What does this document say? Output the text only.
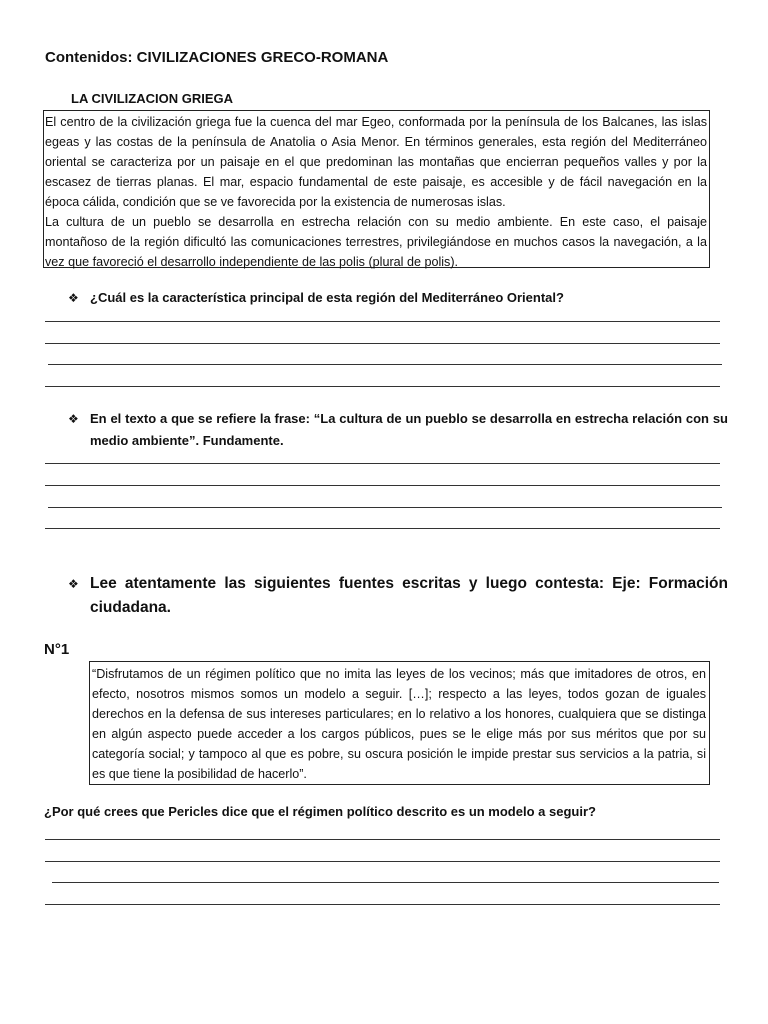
Contenidos: CIVILIZACIONES GRECO-ROMANA
LA CIVILIZACION GRIEGA

El centro de la civilización griega fue la cuenca del mar Egeo, conformada por la península de los Balcanes, las islas egeas y las costas de la península de Anatolia o Asia Menor. En términos generales, esta región del Mediterráneo oriental se caracteriza por un paisaje en el que predominan las montañas que encierran pequeños valles y por la escasez de tierras planas. El mar, espacio fundamental de este paisaje, es accesible y de fácil navegación en la época cálida, condición que se ve favorecida por la existencia de numerosas islas.

La cultura de un pueblo se desarrolla en estrecha relación con su medio ambiente. En este caso, el paisaje montañoso de la región dificultó las comunicaciones terrestres, privilegiándose en muchos casos la navegación, a la vez que favoreció el desarrollo independiente de las polis (plural de polis).

❖ ¿Cuál es la característica principal de esta región del Mediterráneo Oriental?
❖ En el texto a que se refiere la frase: “La cultura de un pueblo se desarrolla en estrecha relación con su medio ambiente”. Fundamente.
❖ Lee atentamente las siguientes fuentes escritas y luego contesta: Eje: Formación ciudadana.
N°1

“Disfrutamos de un régimen político que no imita las leyes de los vecinos; más que imitadores de otros, en efecto, nosotros mismos somos un modelo a seguir. […]; respecto a las leyes, todos gozan de iguales derechos en la defensa de sus intereses particulares; en lo relativo a los honores, cualquiera que se distinga en algún aspecto puede acceder a los cargos públicos, pues se le elige más por sus méritos que por su categoría social; y tampoco al que es pobre, su oscura posición le impide prestar sus servicios a la patria, si es que tiene la posibilidad de hacerlo”.

¿Por qué crees que Pericles dice que el régimen político descrito es un modelo a seguir?
